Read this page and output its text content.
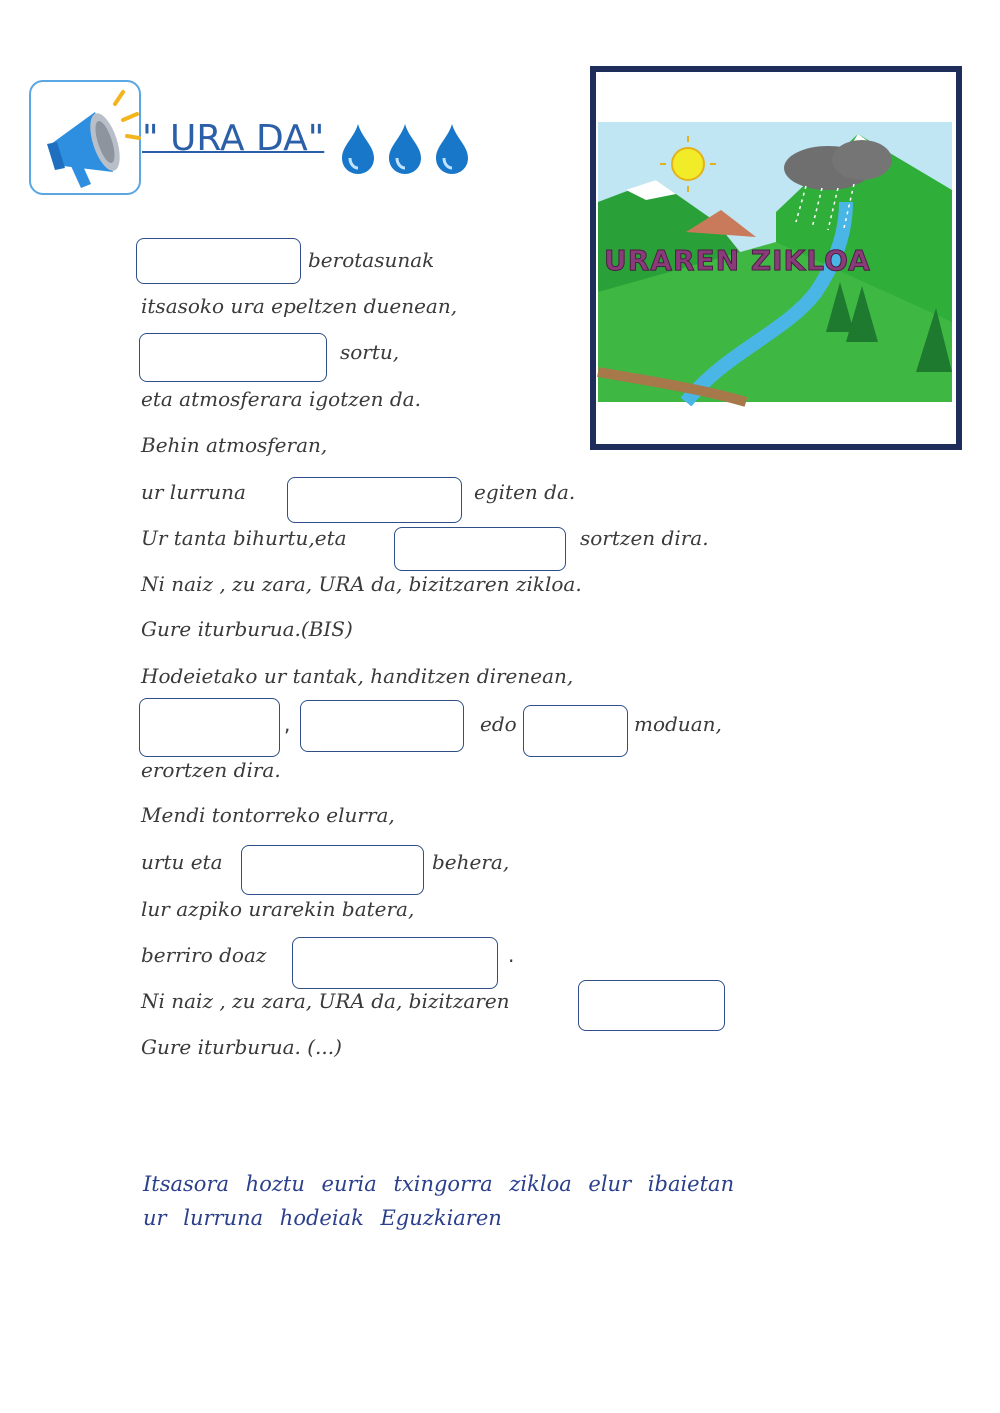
" URA DA"
URAREN ZIKLOA
berotasunak
itsasoko ura epeltzen duenean,
sortu,
eta atmosferara igotzen da.
Behin atmosferan,
ur lurruna	egiten da.
Ur tanta bihurtu,eta	sortzen dira.
Ni naiz , zu zara, URA da, bizitzaren zikloa.
Gure iturburua.(BIS)
Hodeietako ur tantak, handitzen direnean,
,	edo	moduan,
erortzen dira.
Mendi tontorreko elurra,
urtu eta	behera,
lur azpiko urarekin batera,
berriro doaz	.
Ni naiz , zu zara, URA da, bizitzaren
Gure iturburua. (...)
Itsasora hoztu euria txingorra zikloa elur ibaietan
ur lurruna hodeiak Eguzkiaren
